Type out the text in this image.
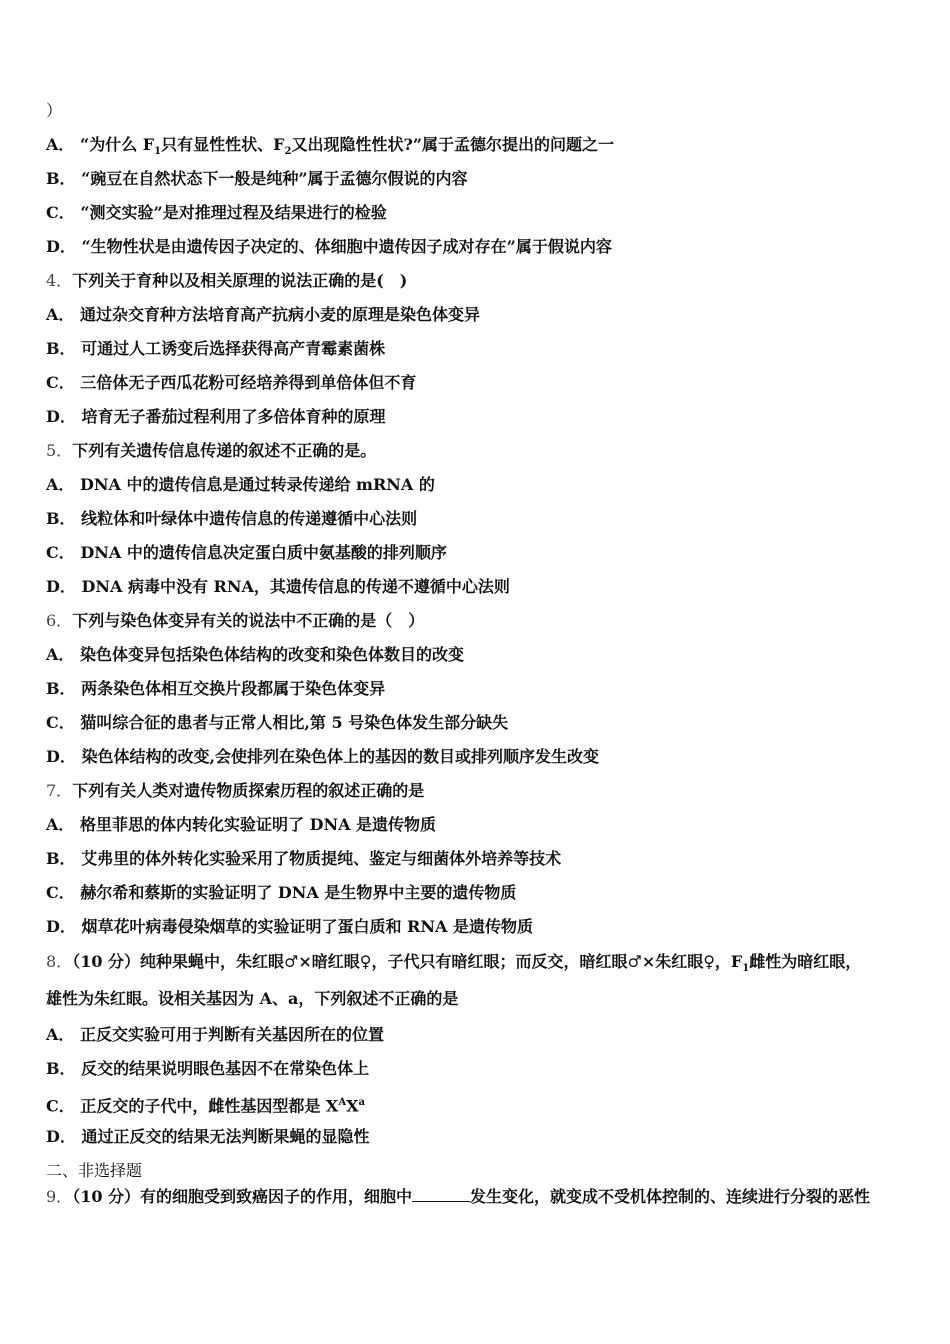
）
A． “为什么 $F_1$只有显性性状、$F_2$又出现隐性性状?”属于孟德尔提出的问题之一
B． “豌豆在自然状态下一般是纯种”属于孟德尔假说的内容
C． “测交实验”是对推理过程及结果进行的检验
D． “生物性状是由遗传因子决定的、体细胞中遗传因子成对存在”属于假说内容
4．下列关于育种以及相关原理的说法正确的是(　)
A． 通过杂交育种方法培育高产抗病小麦的原理是染色体变异
B． 可通过人工诱变后选择获得高产青霉素菌株
C． 三倍体无子西瓜花粉可经培养得到单倍体但不育
D． 培育无子番茄过程利用了多倍体育种的原理
5．下列有关遗传信息传递的叙述不正确的是。
A． DNA 中的遗传信息是通过转录传递给 mRNA 的
B． 线粒体和叶绿体中遗传信息的传递遵循中心法则
C． DNA 中的遗传信息决定蛋白质中氨基酸的排列顺序
D． DNA 病毒中没有 RNA，其遗传信息的传递不遵循中心法则
6．下列与染色体变异有关的说法中不正确的是（　）
A． 染色体变异包括染色体结构的改变和染色体数目的改变
B． 两条染色体相互交换片段都属于染色体变异
C． 猫叫综合征的患者与正常人相比,第 5 号染色体发生部分缺失
D． 染色体结构的改变,会使排列在染色体上的基因的数目或排列顺序发生改变
7．下列有关人类对遗传物质探索历程的叙述正确的是
A． 格里菲思的体内转化实验证明了 DNA 是遗传物质
B． 艾弗里的体外转化实验采用了物质提纯、鉴定与细菌体外培养等技术
C． 赫尔希和蔡斯的实验证明了 DNA 是生物界中主要的遗传物质
D． 烟草花叶病毒侵染烟草的实验证明了蛋白质和 RNA 是遗传物质
8．（10 分）纯种果蝇中，朱红眼♂×暗红眼♀，子代只有暗红眼；而反交，暗红眼♂×朱红眼♀，$F_1$雌性为暗红眼，
雄性为朱红眼。设相关基因为 A、a，下列叙述不正确的是
A． 正反交实验可用于判断有关基因所在的位置
B． 反交的结果说明眼色基因不在常染色体上
C． 正反交的子代中，雌性基因型都是 $X^AX^a$
D． 通过正反交的结果无法判断果蝇的显隐性
二、非选择题
9．（10 分）有的细胞受到致癌因子的作用，细胞中	发生变化，就变成不受机体控制的、连续进行分裂的恶性
